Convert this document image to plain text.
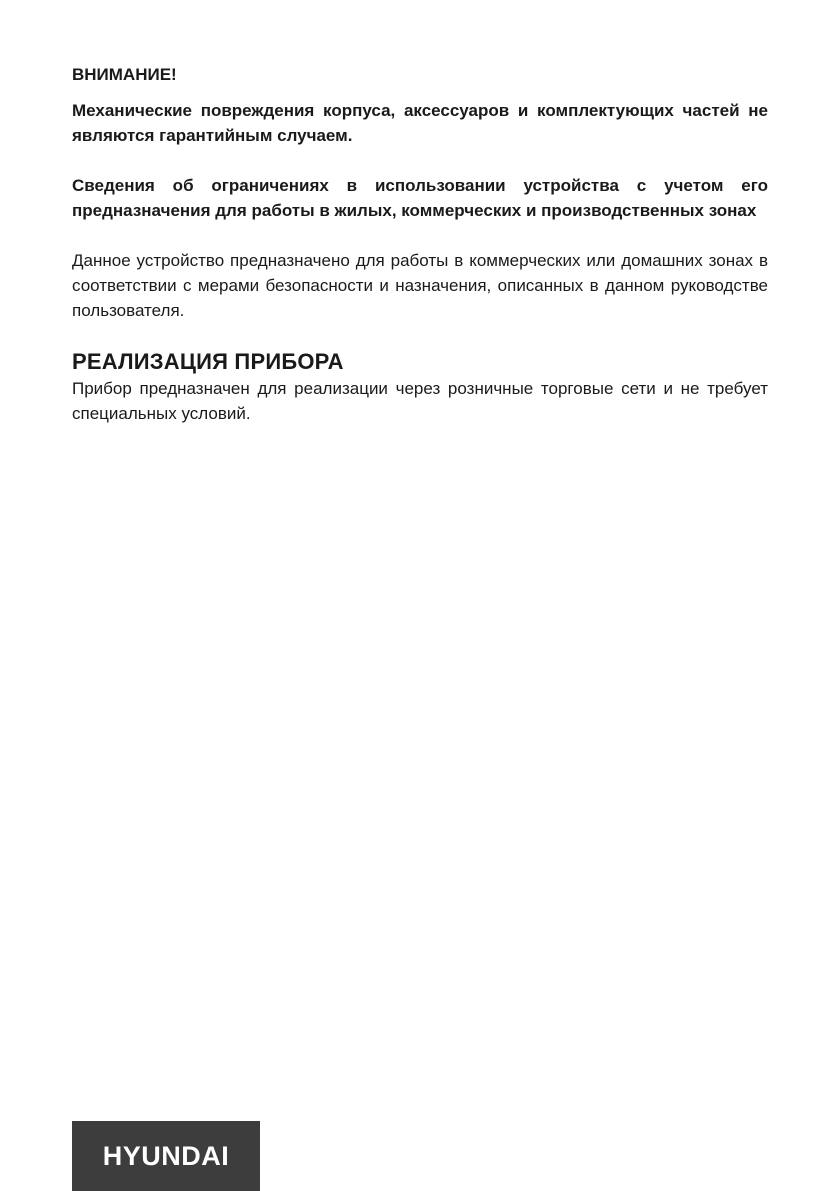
ВНИМАНИЕ!

Механические повреждения корпуса, аксессуаров и комплектующих частей не являются гарантийным случаем.

Сведения об ограничениях в использовании устройства с учетом его предназначения для работы в жилых, коммерческих и производственных зонах

Данное устройство предназначено для работы в коммерческих или домашних зонах в соответствии с мерами безопасности и назначения, описанных в данном руководстве пользователя.

РЕАЛИЗАЦИЯ ПРИБОРА

Прибор предназначен для реализации через розничные торговые сети и не требует специальных условий.

HYUNDAI
